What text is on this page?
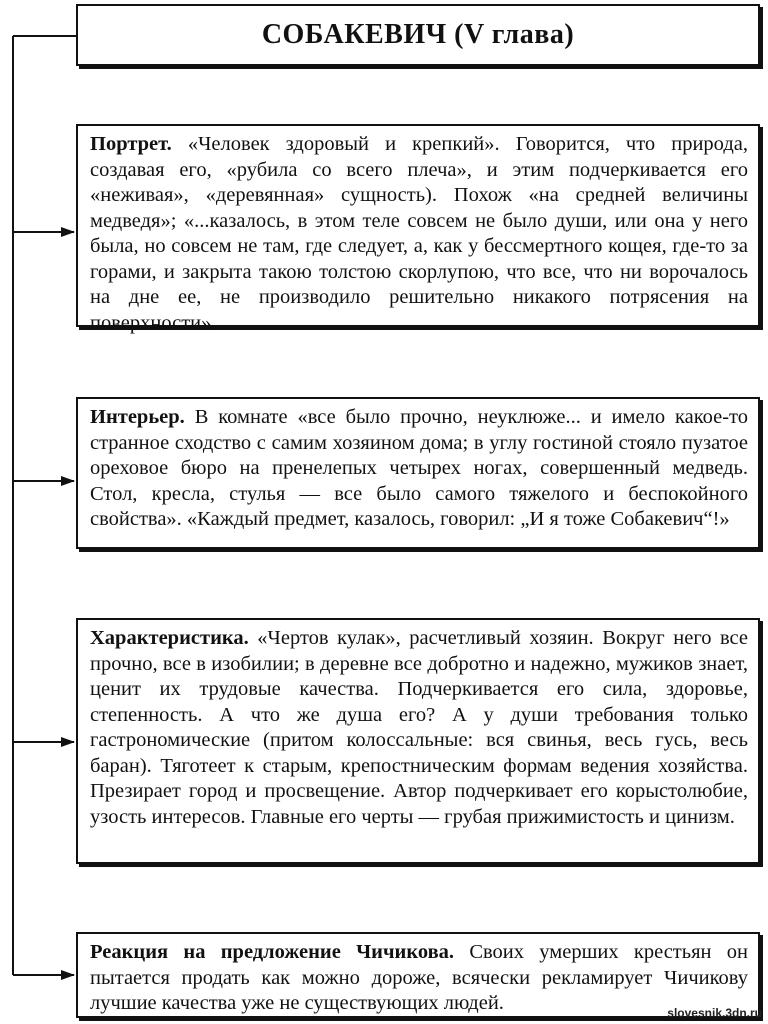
СОБАКЕВИЧ (V глава)
Портрет. «Человек здоровый и крепкий». Говорится, что природа, создавая его, «рубила со всего плеча», и этим подчеркивается его «неживая», «деревянная» сущность). Похож «на средней величины медведя»; «...казалось, в этом теле совсем не было души, или она у него была, но совсем не там, где следует, а, как у бессмертного кощея, где-то за горами, и закрыта такою толстою скорлупою, что все, что ни ворочалось на дне ее, не производило решительно никакого потрясения на поверхности».
Интерьер. В комнате «все было прочно, неуклюже... и имело какое-то странное сходство с самим хозяином дома; в углу гостиной стояло пузатое ореховое бюро на пренелепых четырех ногах, совершенный медведь. Стол, кресла, стулья — все было самого тяжелого и беспокойного свойства». «Каждый предмет, казалось, говорил: „И я тоже Собакевич“!»
Характеристика. «Чертов кулак», расчетливый хозяин. Вокруг него все прочно, все в изобилии; в деревне все добротно и надежно, мужиков знает, ценит их трудовые качества. Подчеркивается его сила, здоровье, степенность. А что же душа его? А у души требования только гастрономические (притом колоссальные: вся свинья, весь гусь, весь баран). Тяготеет к старым, крепостническим формам ведения хозяйства. Презирает город и просвещение. Автор подчеркивает его корыстолюбие, узость интересов. Главные его черты — грубая прижимистость и цинизм.
Реакция на предложение Чичикова. Своих умерших крестьян он пытается продать как можно дороже, всячески рекламирует Чичикову лучшие качества уже не существующих людей.	slovesnik.3dn.ru
